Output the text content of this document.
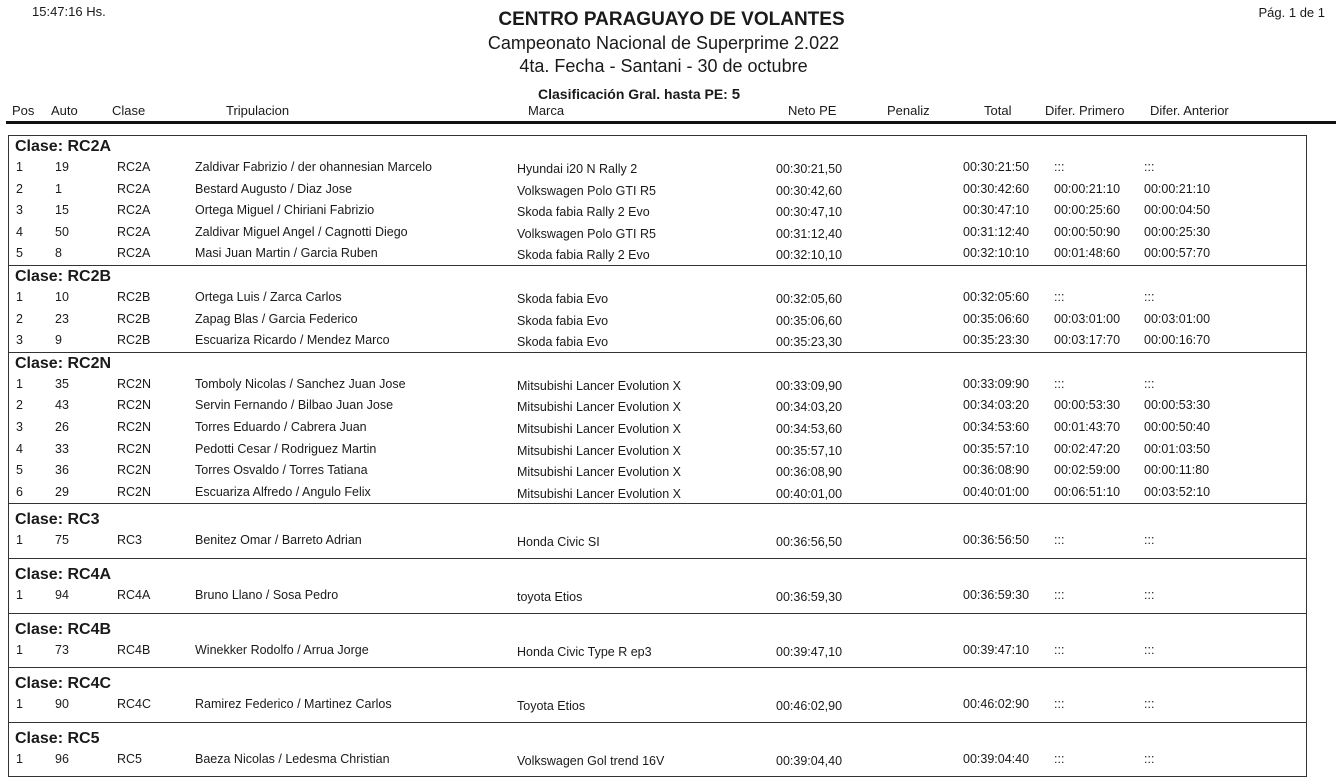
15:47:16 Hs.	Pág. 1 de 1
CENTRO PARAGUAYO DE VOLANTES
Campeonato Nacional de Superprime 2.022
4ta. Fecha - Santani - 30 de octubre
Clasificación Gral. hasta PE: 5
Pos Auto	Clase	Tripulacion	Marca	Neto PE	Penaliz	Total	Difer. Primero Difer. Anterior
Clase: RC2A
1	19	RC2A	Zaldivar Fabrizio / der ohannesian Marcelo	Hyundai i20 N Rally 2	00:30:21,50	00:30:21:50 :::	:::
2	1	RC2A	Bestard Augusto / Diaz Jose	Volkswagen Polo GTI R5	00:30:42,60	00:30:42:60 00:00:21:10 00:00:21:10
3	15	RC2A	Ortega Miguel / Chiriani Fabrizio	Skoda fabia Rally 2 Evo	00:30:47,10	00:30:47:10 00:00:25:60 00:00:04:50
4	50	RC2A	Zaldivar Miguel Angel / Cagnotti Diego	Volkswagen Polo GTI R5	00:31:12,40	00:31:12:40 00:00:50:90 00:00:25:30
5	8	RC2A	Masi Juan Martin / Garcia Ruben	Skoda fabia Rally 2 Evo	00:32:10,10	00:32:10:10 00:01:48:60 00:00:57:70
Clase: RC2B
1	10	RC2B	Ortega Luis / Zarca Carlos	Skoda fabia Evo	00:32:05,60	00:32:05:60 :::	:::
2	23	RC2B	Zapag Blas / Garcia Federico	Skoda fabia Evo	00:35:06,60	00:35:06:60 00:03:01:00 00:03:01:00
3	9	RC2B	Escuariza Ricardo / Mendez Marco	Skoda fabia Evo	00:35:23,30	00:35:23:30 00:03:17:70 00:00:16:70
Clase: RC2N
1	35	RC2N	Tomboly Nicolas / Sanchez Juan Jose	Mitsubishi Lancer Evolution X	00:33:09,90	00:33:09:90 :::	:::
2	43	RC2N	Servin Fernando / Bilbao Juan Jose	Mitsubishi Lancer Evolution X	00:34:03,20	00:34:03:20 00:00:53:30 00:00:53:30
3	26	RC2N	Torres Eduardo / Cabrera Juan	Mitsubishi Lancer Evolution X	00:34:53,60	00:34:53:60 00:01:43:70 00:00:50:40
4	33	RC2N	Pedotti Cesar / Rodriguez Martin	Mitsubishi Lancer Evolution X	00:35:57,10	00:35:57:10 00:02:47:20 00:01:03:50
5	36	RC2N	Torres Osvaldo / Torres Tatiana	Mitsubishi Lancer Evolution X	00:36:08,90	00:36:08:90 00:02:59:00 00:00:11:80
6	29	RC2N	Escuariza Alfredo / Angulo Felix	Mitsubishi Lancer Evolution X	00:40:01,00	00:40:01:00 00:06:51:10 00:03:52:10
Clase: RC3
1	75	RC3	Benitez Omar / Barreto Adrian	Honda Civic SI	00:36:56,50	00:36:56:50 :::	:::
Clase: RC4A
1	94	RC4A	Bruno Llano / Sosa Pedro	toyota Etios	00:36:59,30	00:36:59:30 :::	:::
Clase: RC4B
1	73	RC4B	Winekker Rodolfo / Arrua Jorge	Honda Civic Type R ep3	00:39:47,10	00:39:47:10 :::	:::
Clase: RC4C
1	90	RC4C	Ramirez Federico / Martinez Carlos	Toyota Etios	00:46:02,90	00:46:02:90 :::	:::
Clase: RC5
1	96	RC5	Baeza Nicolas / Ledesma Christian	Volkswagen Gol trend 16V	00:39:04,40	00:39:04:40 :::	:::
